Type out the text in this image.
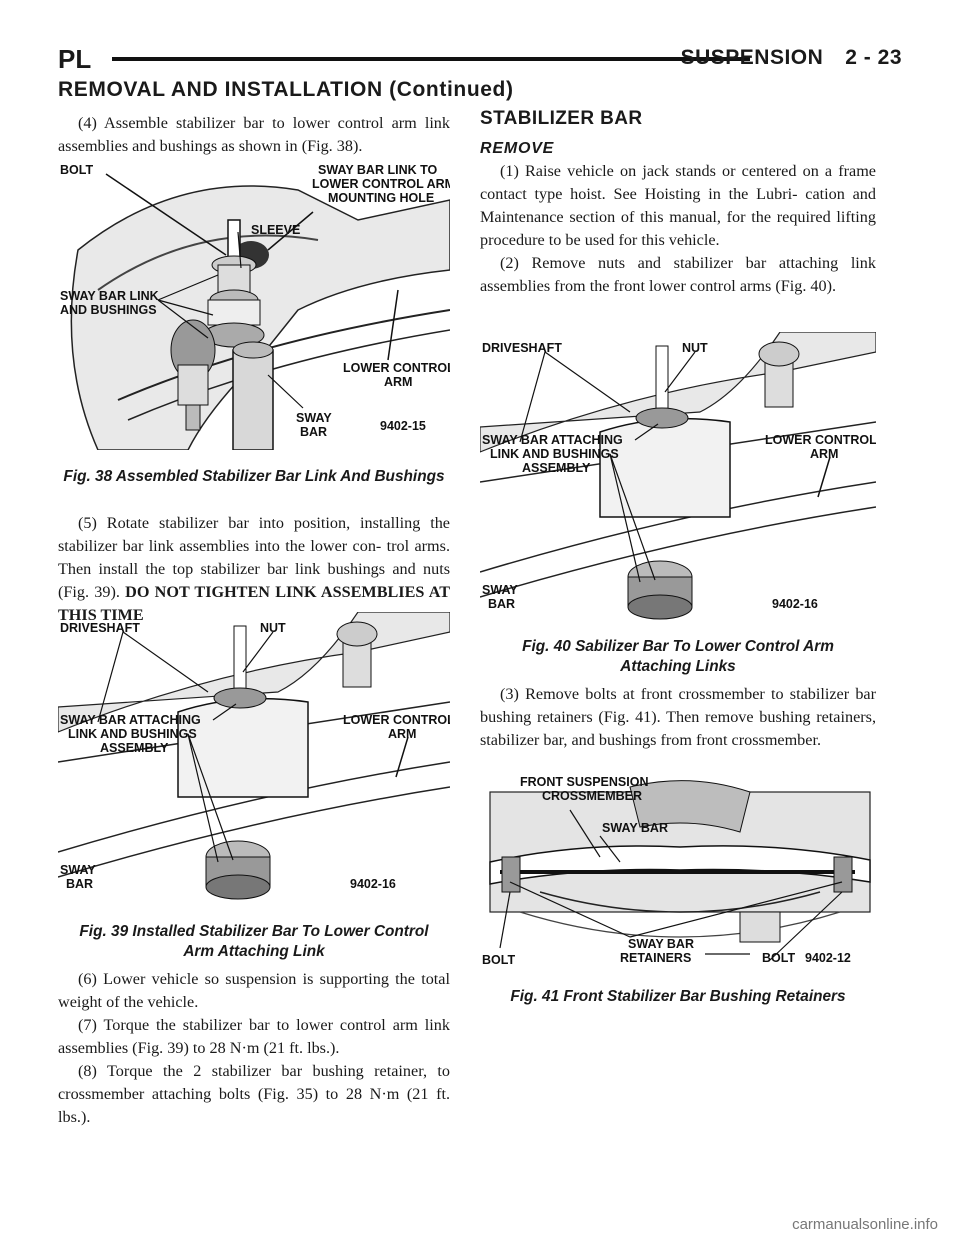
PL	SUSPENSION 2 - 23
REMOVAL AND INSTALLATION (Continued)

(4) Assemble stabilizer bar to lower control arm link assemblies and bushings as shown in (Fig. 38).

BOLT	SWAY BAR LINK TO
LOWER CONTROL ARM
MOUNTING HOLE
SLEEVE
SWAY BAR LINK
AND BUSHINGS
LOWER CONTROL
ARM
SWAY
BAR	9402-15
Fig. 38 Assembled Stabilizer Bar Link And Bushings

(5) Rotate stabilizer bar into position, installing the stabilizer bar link assemblies into the lower con- trol arms. Then install the top stabilizer bar link bushings and nuts (Fig. 39). DO NOT TIGHTEN LINK ASSEMBLIES AT THIS TIME

DRIVESHAFT	NUT
SWAY BAR ATTACHING
LINK AND BUSHINGS
ASSEMBLY
LOWER CONTROL
ARM
SWAY
BAR	9402-16
Fig. 39 Installed Stabilizer Bar To Lower Control
Arm Attaching Link

(6) Lower vehicle so suspension is supporting the total weight of the vehicle.

(7) Torque the stabilizer bar to lower control arm link assemblies (Fig. 39) to 28 N·m (21 ft. lbs.).

(8) Torque the 2 stabilizer bar bushing retainer, to crossmember attaching bolts (Fig. 35) to 28 N·m (21 ft. lbs.).

STABILIZER BAR
REMOVE

(1) Raise vehicle on jack stands or centered on a frame contact type hoist. See Hoisting in the Lubri- cation and Maintenance section of this manual, for the required lifting procedure to be used for this vehicle.

(2) Remove nuts and stabilizer bar attaching link assemblies from the front lower control arms (Fig. 40).

DRIVESHAFT	NUT
SWAY BAR ATTACHING
LINK AND BUSHINGS
ASSEMBLY
LOWER CONTROL
ARM
SWAY
BAR	9402-16
Fig. 40 Sabilizer Bar To Lower Control Arm
Attaching Links

(3) Remove bolts at front crossmember to stabilizer bar bushing retainers (Fig. 41). Then remove bushing retainers, stabilizer bar, and bushings from front crossmember.

FRONT SUSPENSION
CROSSMEMBER
SWAY BAR
BOLT
SWAY BAR
RETAINERS	BOLT 9402-12
Fig. 41 Front Stabilizer Bar Bushing Retainers
carmanualsonline.info
